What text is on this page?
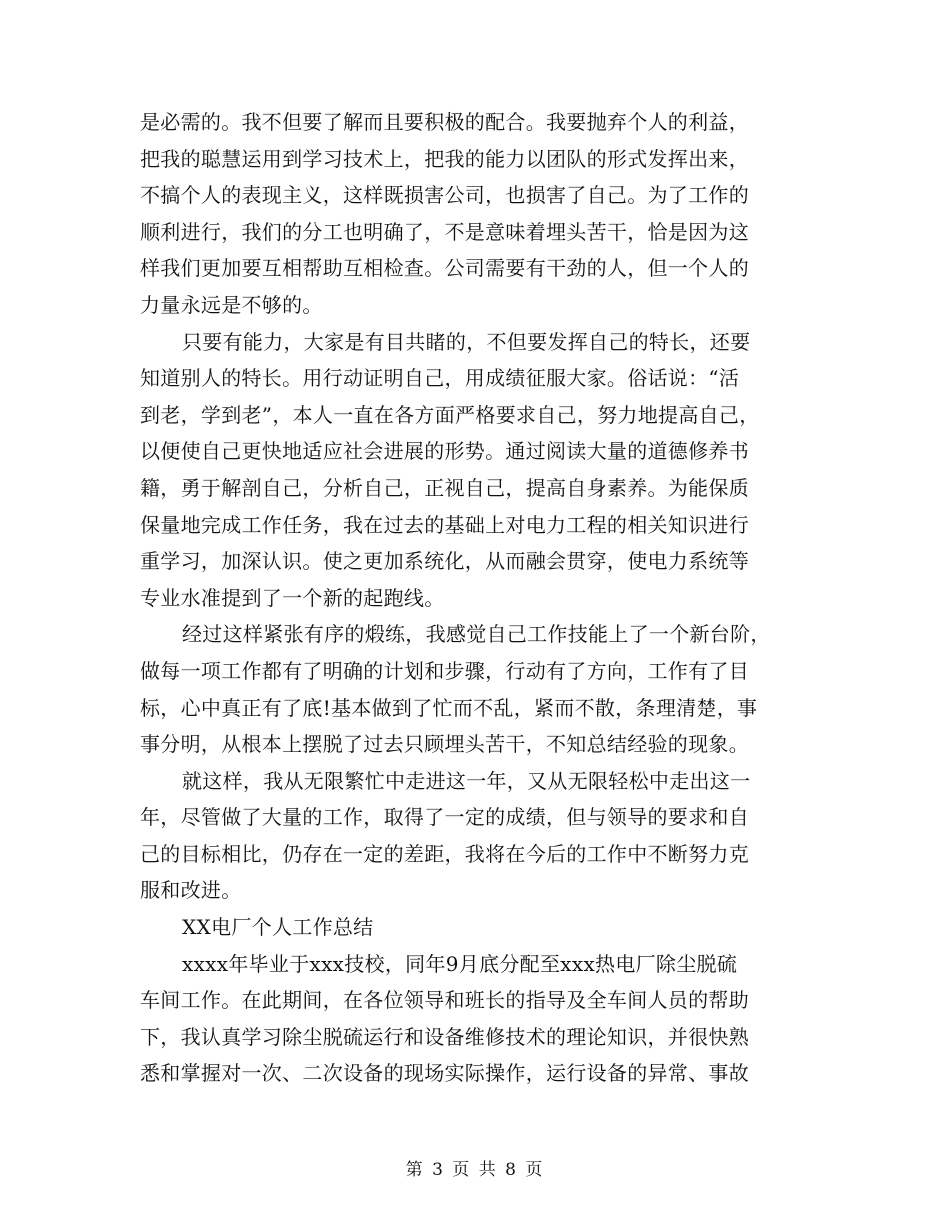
是必需的。我不但要了解而且要积极的配合。我要抛弃个人的利益，
把我的聪慧运用到学习技术上，把我的能力以团队的形式发挥出来，
不搞个人的表现主义，这样既损害公司，也损害了自己。为了工作的
顺利进行，我们的分工也明确了，不是意味着埋头苦干，恰是因为这
样我们更加要互相帮助互相检查。公司需要有干劲的人，但一个人的
力量永远是不够的。
只要有能力，大家是有目共睹的，不但要发挥自己的特长，还要
知道别人的特长。用行动证明自己，用成绩征服大家。俗话说：“活
到老，学到老”，本人一直在各方面严格要求自己，努力地提高自己，
以便使自己更快地适应社会进展的形势。通过阅读大量的道德修养书
籍，勇于解剖自己，分析自己，正视自己，提高自身素养。为能保质
保量地完成工作任务，我在过去的基础上对电力工程的相关知识进行
重学习，加深认识。使之更加系统化，从而融会贯穿，使电力系统等
专业水准提到了一个新的起跑线。
经过这样紧张有序的煅练，我感觉自己工作技能上了一个新台阶，
做每一项工作都有了明确的计划和步骤，行动有了方向，工作有了目
标，心中真正有了底!基本做到了忙而不乱，紧而不散，条理清楚，事
事分明，从根本上摆脱了过去只顾埋头苦干，不知总结经验的现象。
就这样，我从无限繁忙中走进这一年，又从无限轻松中走出这一
年，尽管做了大量的工作，取得了一定的成绩，但与领导的要求和自
己的目标相比，仍存在一定的差距，我将在今后的工作中不断努力克
服和改进。
XX电厂个人工作总结
xxxx年毕业于xxx技校，同年9月底分配至xxx热电厂除尘脱硫
车间工作。在此期间，在各位领导和班长的指导及全车间人员的帮助
下，我认真学习除尘脱硫运行和设备维修技术的理论知识，并很快熟
悉和掌握对一次、二次设备的现场实际操作，运行设备的异常、事故
第 3 页 共 8 页
